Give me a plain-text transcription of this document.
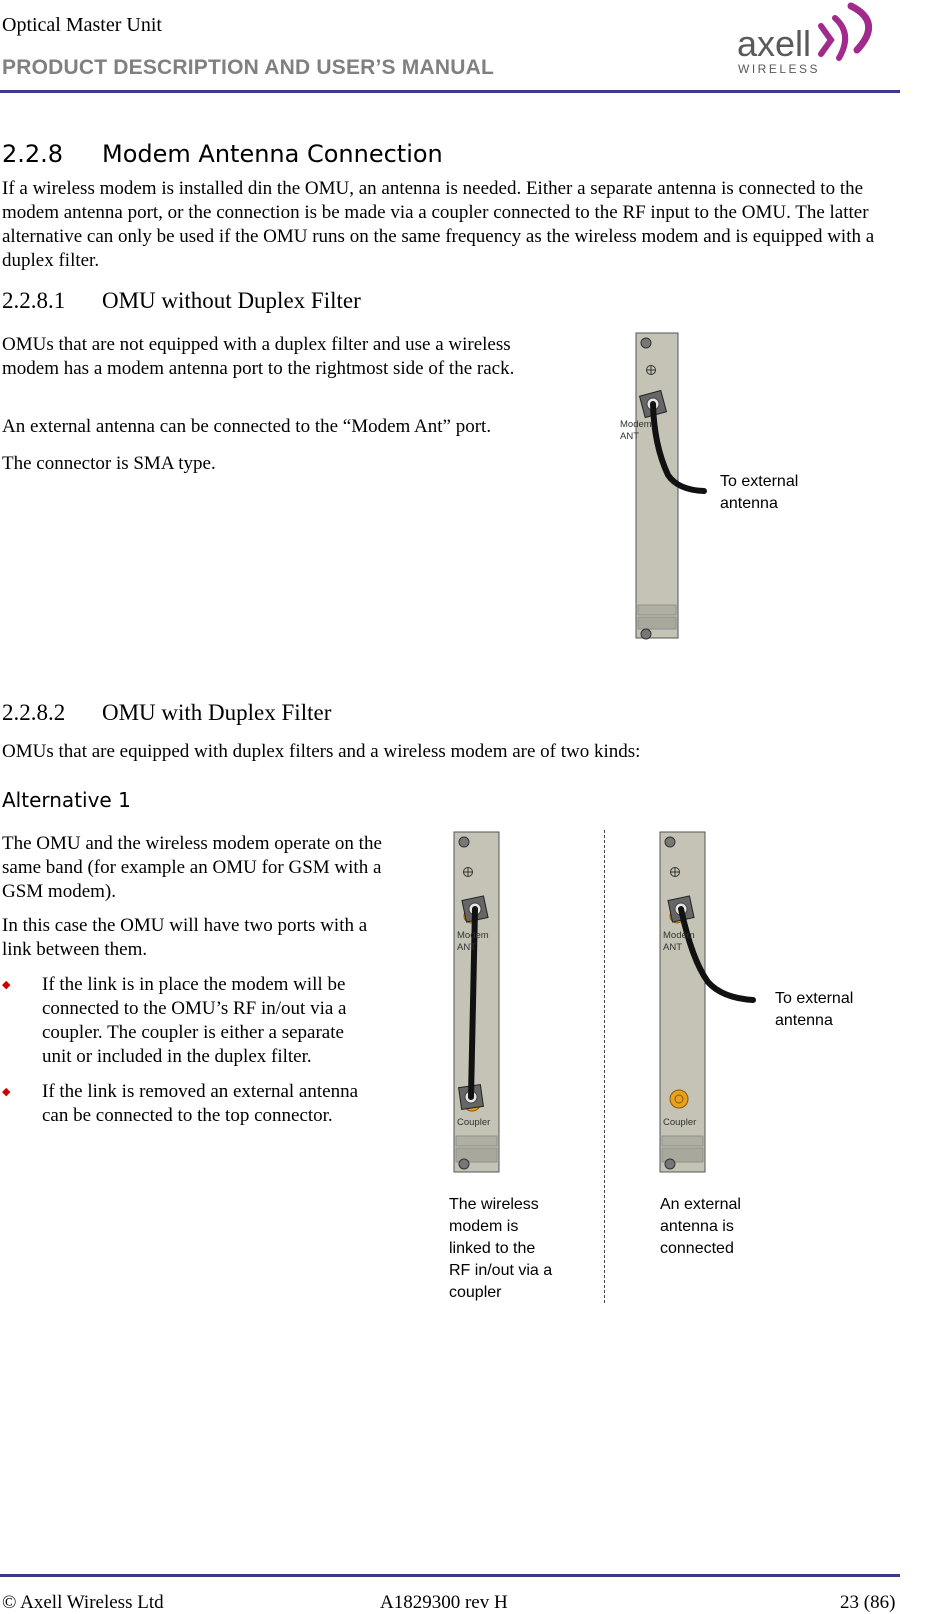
Optical Master Unit
PRODUCT DESCRIPTION AND USER’S MANUAL
axell
WIRELESS
2.2.8 Modem Antenna Connection

If a wireless modem is installed din the OMU, an antenna is needed. Either a separate antenna is connected to the modem antenna port, or the connection is be made via a coupler connected to the RF input to the OMU. The latter alternative can only be used if the OMU runs on the same frequency as the wireless modem and is equipped with a duplex filter.

2.2.8.1 OMU without Duplex Filter

OMUs that are not equipped with a duplex filter and use a wireless modem has a modem antenna port to the rightmost side of the rack.

An external antenna can be connected to the “Modem Ant” port.

The connector is SMA type.

Modem
ANT
To external antenna
2.2.8.2 OMU with Duplex Filter

OMUs that are equipped with duplex filters and a wireless modem are of two kinds:

Alternative 1

The OMU and the wireless modem operate on the same band (for example an OMU for GSM with a GSM modem).

In this case the OMU will have two ports with a link between them.

◆ If the link is in place the modem will be connected to the OMU’s RF in/out via a coupler. The coupler is either a separate unit or included in the duplex filter.
◆ If the link is removed an external antenna can be connected to the top connector.
Modem
ANT
Coupler
Modem
ANT
Coupler
To external antenna
The wireless modem is linked to the RF in/out via a coupler
An external antenna is connected
© Axell Wireless Ltd	A1829300 rev H	23 (86)
